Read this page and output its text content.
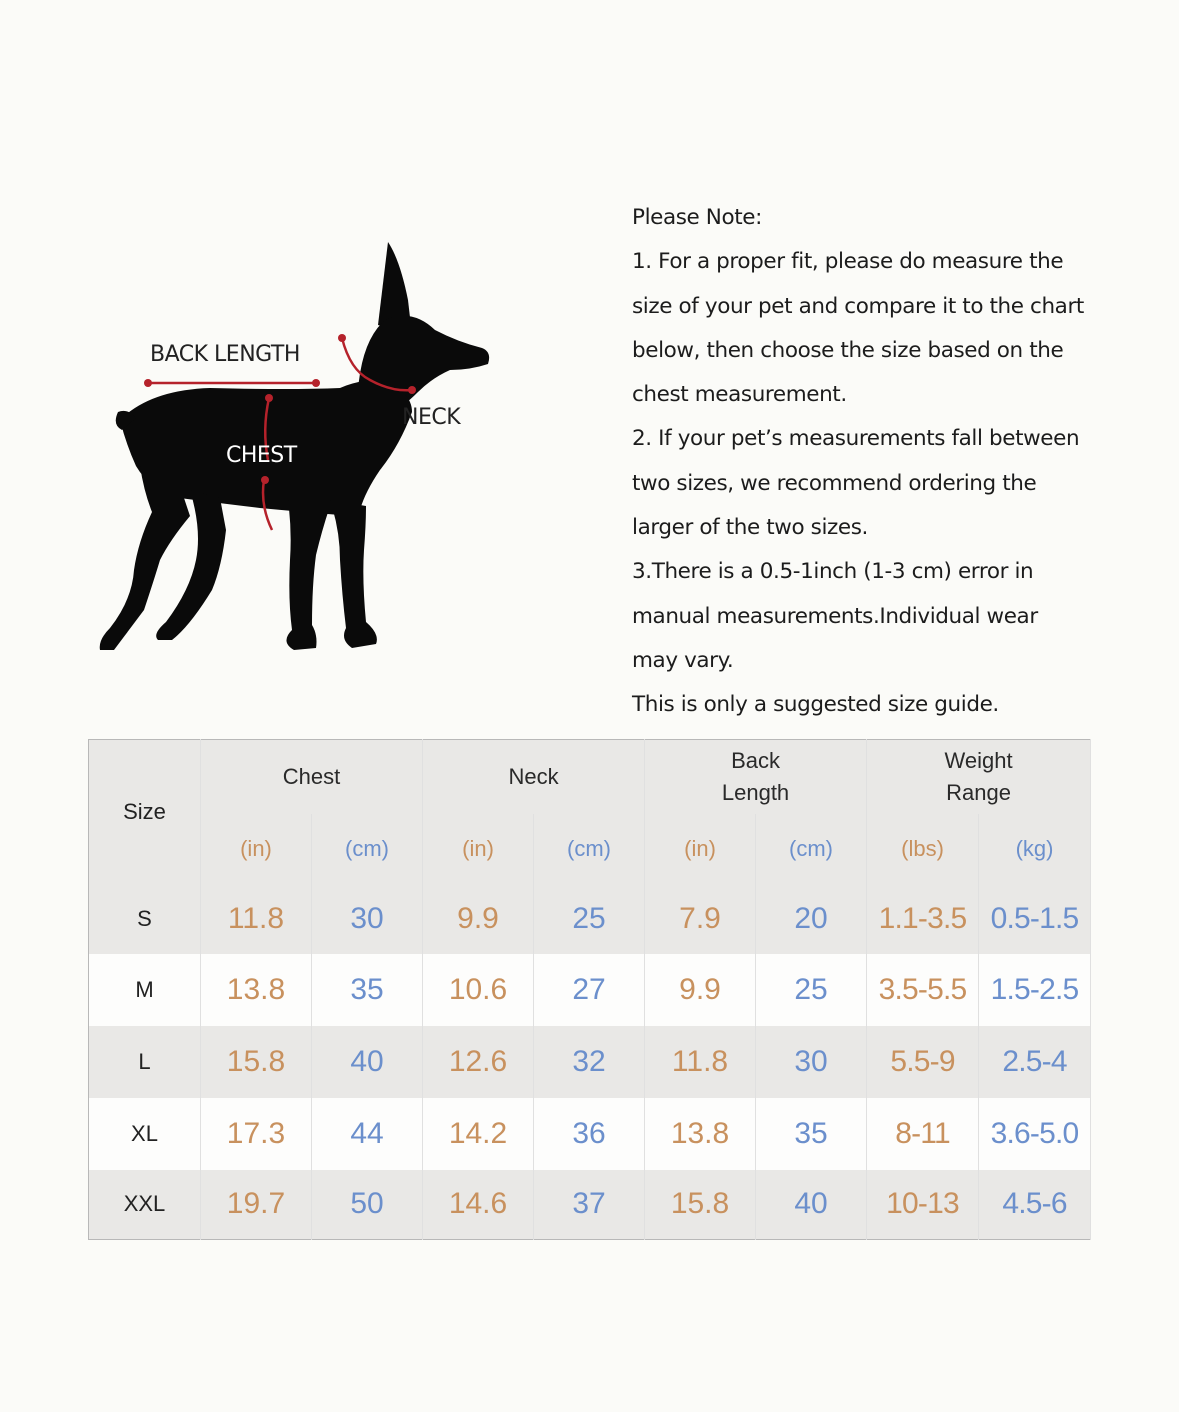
BACK LENGTH
NECK
CHEST
Please Note:
1. For a proper fit, please do measure the
size of your pet and compare it to the chart
below, then choose the size based on the
chest measurement.
2. If your pet’s measurements fall between
two sizes, we recommend ordering the
larger of the two sizes.
3.There is a 0.5-1inch (1-3 cm) error in
manual measurements.Individual wear
may vary.
This is only a suggested size guide.
Size	Chest		Neck		Back
Length		Weight
Range	
	(in)	(cm)	(in)	(cm)	(in)	(cm)	(lbs)	(kg)
S	11.8	30	9.9	25	7.9	20	1.1-3.5	0.5-1.5
M	13.8	35	10.6	27	9.9	25	3.5-5.5	1.5-2.5
L	15.8	40	12.6	32	11.8	30	5.5-9	2.5-4
XL	17.3	44	14.2	36	13.8	35	8-11	3.6-5.0
XXL	19.7	50	14.6	37	15.8	40	10-13	4.5-6
